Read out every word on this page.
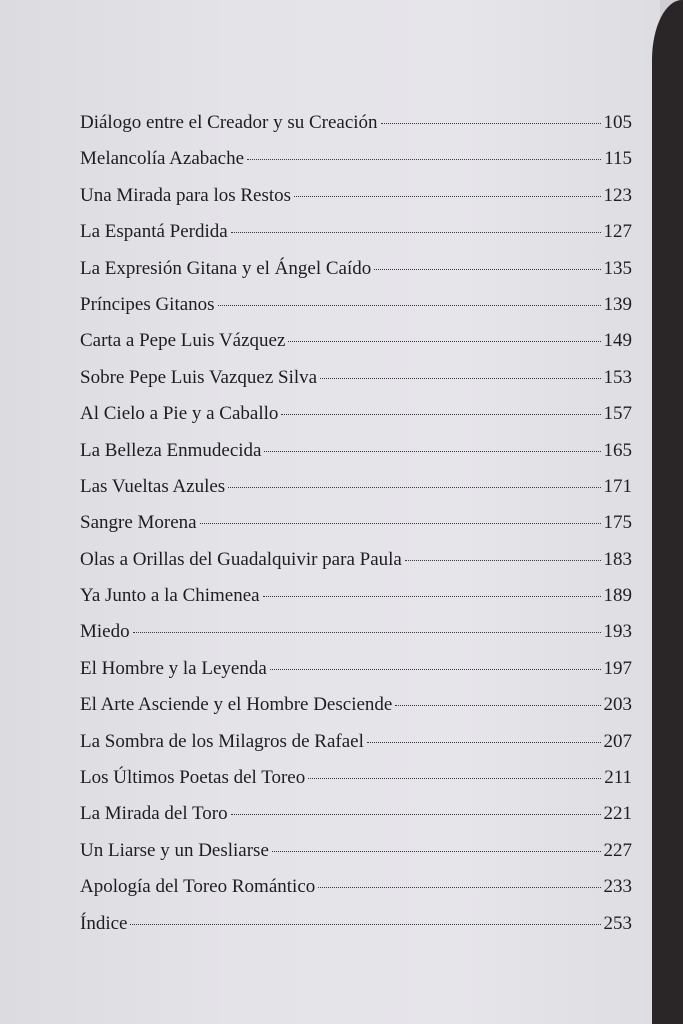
Diálogo entre el Creador y su Creación	105
Melancolía Azabache	115
Una Mirada para los Restos	123
La Espantá Perdida	127
La Expresión Gitana y el Ángel Caído	135
Príncipes Gitanos	139
Carta a Pepe Luis Vázquez	149
Sobre Pepe Luis Vazquez Silva	153
Al Cielo a Pie y a Caballo	157
La Belleza Enmudecida	165
Las Vueltas Azules	171
Sangre Morena	175
Olas a Orillas del Guadalquivir para Paula	183
Ya Junto a la Chimenea	189
Miedo	193
El Hombre y la Leyenda	197
El Arte Asciende y el Hombre Desciende	203
La Sombra de los Milagros de Rafael	207
Los Últimos Poetas del Toreo	211
La Mirada del Toro	221
Un Liarse y un Desliarse	227
Apología del Toreo Romántico	233
Índice	253
